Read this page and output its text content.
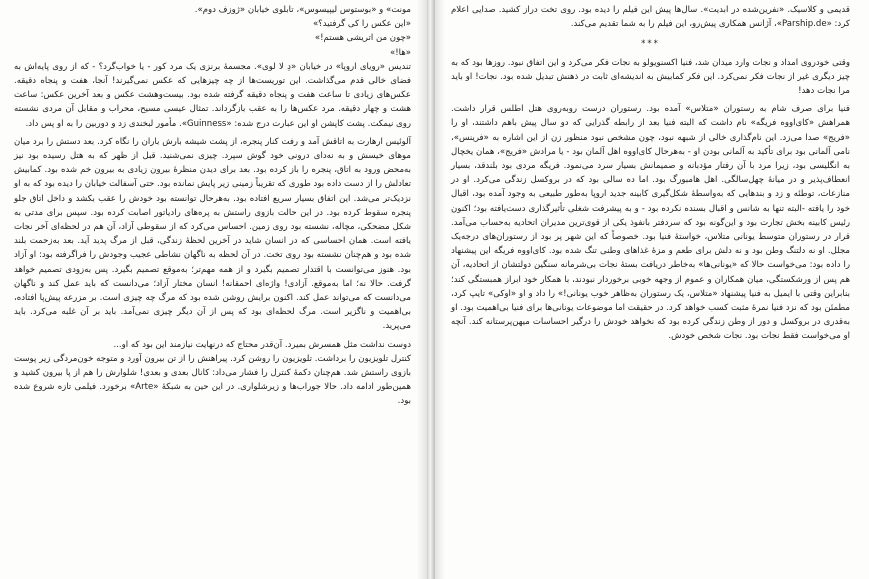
مونت» و «بوستوس لیپیسوس»، تابلوی خیابان «ژوزف دوم».

«این عکس را کی گرفتید؟»

«چون من اتریشی هستم!»

«ها!»

تندیس «رویای اروپا» در خیابان «دِ لا لوی». مجسمهٔ برنزی یک مرد کور - یا خواب‌گرد؟ - که از روی پایه‌اش به فضای خالی قدم می‌گذاشت. این توریست‌ها از چه چیزهایی که عکس نمی‌گیرند! آنجا، هفت و پنجاه دقیقه. عکس‌های زیادی تا ساعت هفت و پنجاه دقیقه گرفته شده بود. بیست‌وهشت عکس و بعد آخرین عکس: ساعت هشت و چهار دقیقه. مرد عکس‌ها را به عقب بازگرداند. تمثال عیسی مسیح، محراب و مقابل آن مردی نشسته روی نیمکت. پشت کاپشن او این عبارت درج شده: «Guinness». مأمور لبخندی زد و دوربین را به او پس داد.

آلوئیس ارهارت به اتاقش آمد و رفت کنار پنجره، از پشت شیشه بارش باران را نگاه کرد. بعد دستش را برد میان موهای خیسش و به نه‌دای درونی خود گوش سپرد. چیزی نمی‌شنید. قبل از ظهر که به هتل رسیده بود نیز به‌محض ورود به اتاق، پنجره را باز کرده بود. بعد برای دیدن منظرهٔ بیرون زیادی به بیرون خم شده بود. کمابیش تعادلش را از دست داده بود طوری که تقریباً زمینی زیر پایش نمانده بود. حتی آسفالت خیابان را دیده بود که به او نزدیک‌تر می‌شد. این اتفاق بسیار سریع افتاده بود. به‌هرحال توانسته بود خودش را عقب بکشد و داخل اتاق جلو پنجره سقوط کرده بود. در این حالت بازوی راستش به پره‌های رادیاتور اصابت کرده بود. سپس برای مدتی به شکل مضحکی، مچاله، نشسته بود روی زمین. احساس می‌کرد که از سقوطی آزاد، آن هم در لحظه‌ای آخر نجات یافته است. همان احساسی که در انسان شاید در آخرین لحظهٔ زندگی، قبل از مرگ پدید آید. بعد به‌زحمت بلند شده بود و هم‌چنان نشسته بود روی تخت. در آن لحظه به ناگهان نشاطی عجیب وجودش را فراگرفته بود: او آزاد بود. هنوز می‌توانست با اقتدار تصمیم بگیرد و از همه مهم‌تر؛ به‌موقع تصمیم بگیرد. پس به‌زودی تصمیم خواهد گرفت. حالا نه؛ اما به‌موقع. آزادی! واژه‌ای احمقانه! انسان مختار آزاد؛ می‌دانست که باید عمل کند و ناگهان می‌دانست که می‌تواند عمل کند. اکنون برایش روشن شده بود که مرگ چه چیزی است. بر مزرعه پیش‌پا افتاده، بی‌اهمیت و ناگزیر است. مرگ لحظه‌ای بود که پس از آن دیگر چیزی نمی‌آمد. باید بر آن غلبه می‌کرد. باید می‌پرید.

دوست نداشت مثل همسرش بمیرد. آن‌قدر محتاج که درنهایت نیازمند این بود که او...

کنترل تلویزیون را برداشت. تلویزیون را روشن کرد. پیراهنش را از تن بیرون آورد و متوجه خون‌مردگی زیر پوست بازوی راستش شد. هم‌چنان دکمهٔ کنترل را فشار می‌داد: کانال بعدی و بعدی! شلوارش را هم از پا بیرون کشید و همین‌طور ادامه داد. حالا جوراب‌ها و زیرشلواری. در این حین به شبکهٔ «Arte» برخورد. فیلمی تازه شروع شده بود.

قدیمی و کلاسیک. «نفرین‌شده در ابدیت». سال‌ها پیش این فیلم را دیده بود. روی تخت دراز کشید. صدایی اعلام کرد: «Parship.de»، آژانس همکاری پیش‌رو، این فیلم را به شما تقدیم می‌کند.

***

وقتی خودروی امداد و نجات وارد میدان شد، فنیا اکسنویولو به نجات فکر می‌کرد و این اتفاق نبود. روزها بود که به چیز دیگری غیر از نجات فکر نمی‌کرد. این فکر کمابیش به اندیشه‌ای ثابت در ذهنش تبدیل شده بود. نجات! او باید مرا نجات دهد!

فنیا برای صرف شام به رستوران «متلاس» آمده بود. رستوران درست روبه‌روی هتل اطلس قرار داشت. همراهش «کای‌اووه فریگه» نام داشت که البته فنیا بعد از رابطه گذرایی که دو سال پیش باهم داشتند، او را «فریج» صدا می‌زد. این نام‌گذاری خالی از شبهه نبود، چون مشخص نبود منظور زن از این اشاره به «فرینس»، نامی آلمانی بود برای تأکید به آلمانی بودن او - به‌هرحال کای‌اووه اهل آلمان بود - یا مرادش «فریج»، همان یخچال به انگلیسی بود، زیرا مرد با آن رفتار مؤدبانه و صمیمانش بسیار سرد می‌نمود. فریگه مردی بود بلندقد، بسیار انعطاف‌پذیر و در میانهٔ چهل‌سالگی. اهل هامبورگ بود. اما ده سالی بود که در بروکسل زندگی می‌کرد. او در منازعات، توطئه و زد و بندهایی که به‌واسطهٔ شکل‌گیری کابینه جدید اروپا به‌طور طبیعی به وجود آمده بود، اقبال خود را یافته -البته تنها به شانس و اقبال بسنده نکرده بود - و به پیشرفت شغلی تأثیرگذاری دست‌یافته بود؛ اکنون رئیس کابینه بخش تجارت بود و این‌گونه بود که سردفتر بانفوذ یکی از قوی‌ترین مدیران اتحادیه به‌حساب می‌آمد. قرار در رستوران متوسط یونانی متلاس، خواستهٔ فنیا بود. خصوصاً که این شهر پر بود از رستوران‌های درجه‌یک مجلل. او نه دلتنگ وطن بود و نه دلش برای طعم و مزهٔ غذاهای وطنی تنگ شده بود. کای‌اووه فریگه این پیشنهاد را داده بود: می‌خواست حالا که «یونانی‌ها» به‌خاطر دریافت بستهٔ نجات بی‌شرمانه سنگین دولتشان از اتحادیه، آن هم پس از ورشکستگی، میان همکاران و عموم از وجهه خوبی برخوردار نبودند، با همکار خود ابراز همبستگی کند؛ بنابراین وقتی با ایمیل به فنیا پیشنهاد «متلاس، یک رستوران به‌ظاهر خوب یونانی!» را داد و او «اوکی» تایپ کرد، مطمئن بود که نزد فنیا نمرهٔ مثبت کسب خواهد کرد. در حقیقت اما موضوعات یونانی‌ها برای فنیا بی‌اهمیت بود. او به‌قدری در بروکسل و دور از وطن زندگی کرده بود که نخواهد خودش را درگیر احساسات میهن‌پرستانه کند. آنچه او می‌خواست فقط نجات بود. نجات شخص خودش.
